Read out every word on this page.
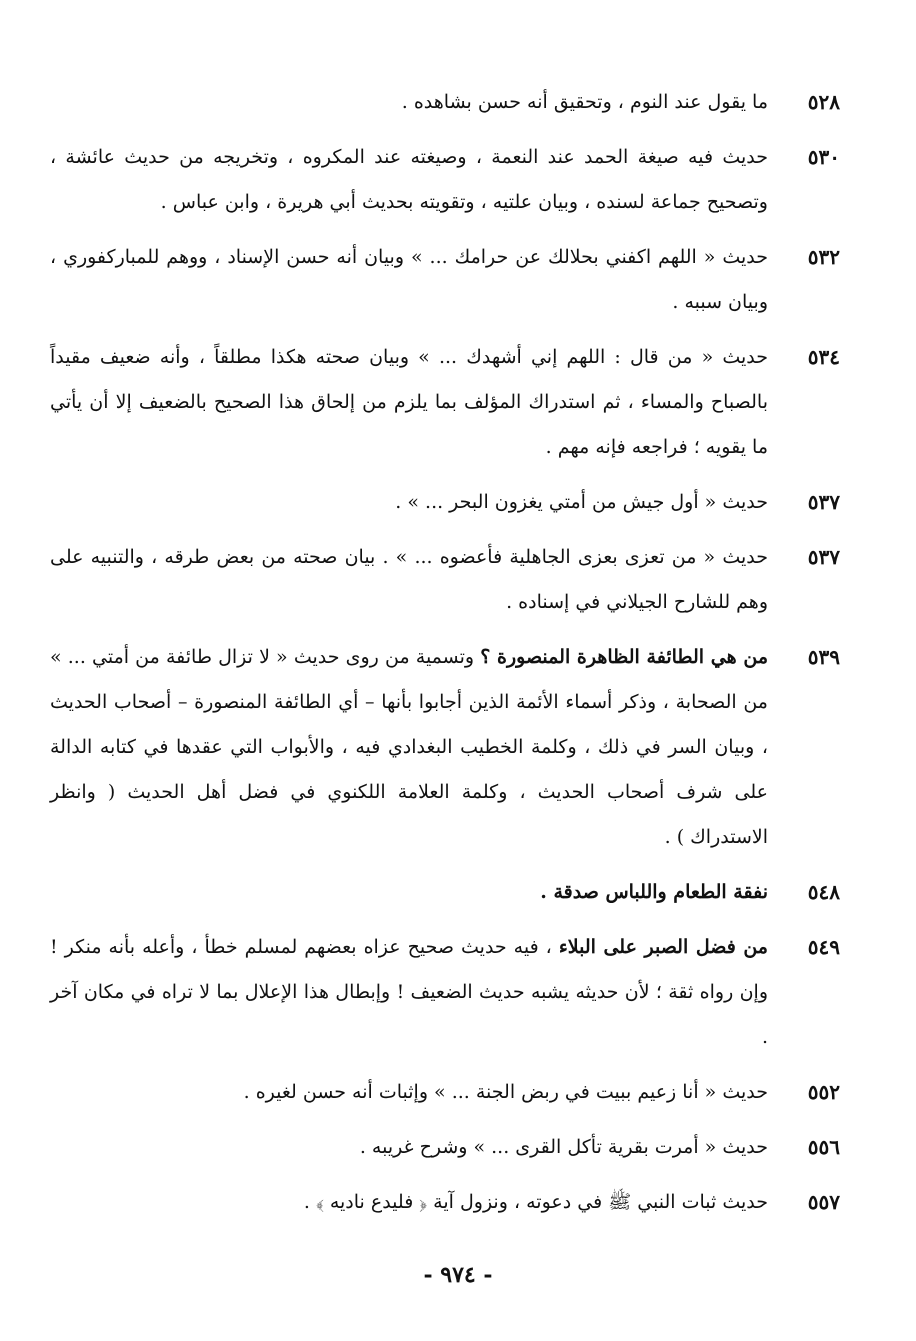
٥٢٨
ما يقول عند النوم ، وتحقيق أنه حسن بشاهده .
٥٣٠
حديث فيه صيغة الحمد عند النعمة ، وصيغته عند المكروه ، وتخريجه من حديث عائشة ، وتصحيح جماعة لسنده ، وبيان علتيه ، وتقويته بحديث أبي هريرة ، وابن عباس .
٥٣٢
حديث « اللهم اكفني بحلالك عن حرامك ... » وبيان أنه حسن الإسناد ، ووهم للمباركفوري ، وبيان سببه .
٥٣٤
حديث « من قال : اللهم إني أشهدك ... » وبيان صحته هكذا مطلقاً ، وأنه ضعيف مقيداً بالصباح والمساء ، ثم استدراك المؤلف بما يلزم من إلحاق هذا الصحيح بالضعيف إلا أن يأتي ما يقويه ؛ فراجعه فإنه مهم .
٥٣٧
حديث « أول جيش من أمتي يغزون البحر ... » .
٥٣٧
حديث « من تعزى بعزى الجاهلية فأعضوه ... » . بيان صحته من بعض طرقه ، والتنبيه على وهم للشارح الجيلاني في إسناده .
٥٣٩
من هي الطائفة الظاهرة المنصورة ؟ وتسمية من روى حديث « لا تزال طائفة من أمتي ... » من الصحابة ، وذكر أسماء الأئمة الذين أجابوا بأنها – أي الطائفة المنصورة – أصحاب الحديث ، وبيان السر في ذلك ، وكلمة الخطيب البغدادي فيه ، والأبواب التي عقدها في كتابه الدالة على شرف أصحاب الحديث ، وكلمة العلامة اللكنوي في فضل أهل الحديث ( وانظر الاستدراك ) .
٥٤٨
نفقة الطعام واللباس صدقة .
٥٤٩
من فضل الصبر على البلاء ، فيه حديث صحيح عزاه بعضهم لمسلم خطأ ، وأعله بأنه منكر ! وإن رواه ثقة ؛ لأن حديثه يشبه حديث الضعيف ! وإبطال هذا الإعلال بما لا تراه في مكان آخر .
٥٥٢
حديث « أنا زعيم ببيت في ربض الجنة ... » وإثبات أنه حسن لغيره .
٥٥٦
حديث « أمرت بقرية تأكل القرى ... » وشرح غريبه .
٥٥٧
حديث ثبات النبي ﷺ في دعوته ، ونزول آية ﴿ فليدع ناديه ﴾ .
- ٩٧٤ -
